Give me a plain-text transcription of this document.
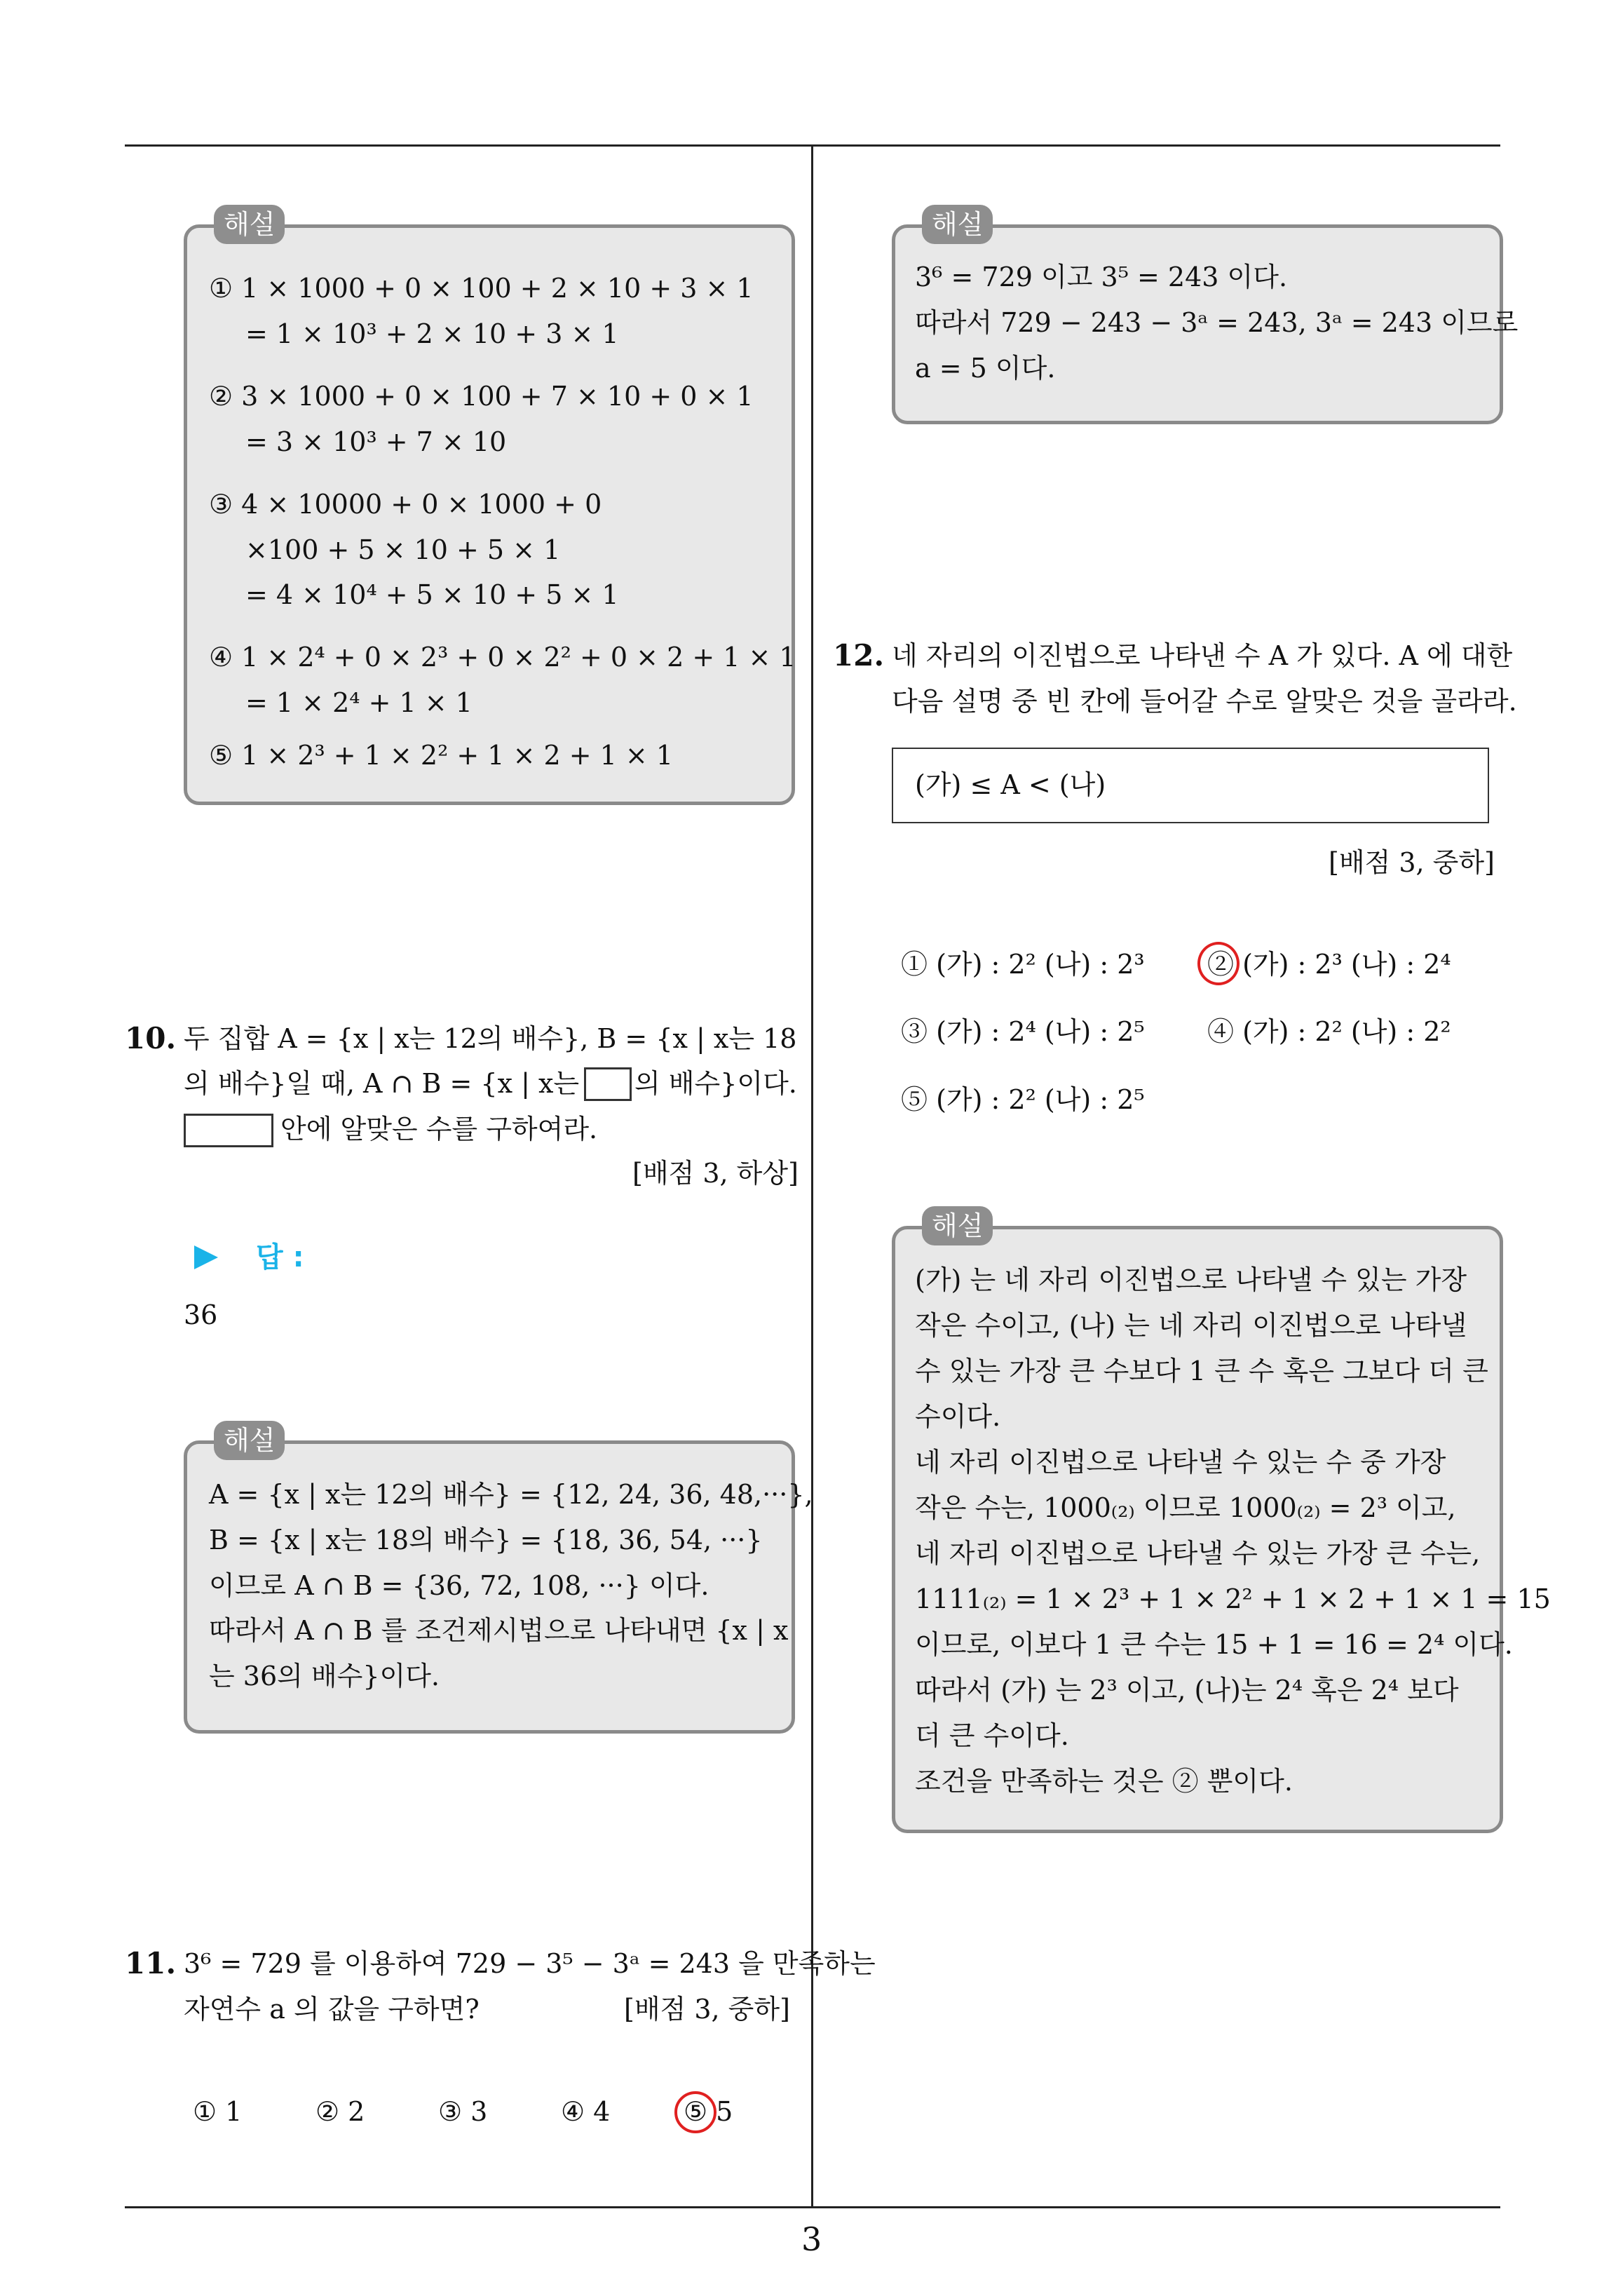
해설
① 1 × 1000 + 0 × 100 + 2 × 10 + 3 × 1
= 1 × 10³ + 2 × 10 + 3 × 1
② 3 × 1000 + 0 × 100 + 7 × 10 + 0 × 1
= 3 × 10³ + 7 × 10
③ 4 × 10000 + 0 × 1000 + 0
×100 + 5 × 10 + 5 × 1
= 4 × 10⁴ + 5 × 10 + 5 × 1
④ 1 × 2⁴ + 0 × 2³ + 0 × 2² + 0 × 2 + 1 × 1
= 1 × 2⁴ + 1 × 1
⑤ 1 × 2³ + 1 × 2² + 1 × 2 + 1 × 1
10. 두 집합 A = {x | x는 12의 배수}, B = {x | x는 18
의 배수}일 때, A ∩ B = {x | x는 의 배수}이다.
안에 알맞은 수를 구하여라.
[배점 3, 하상]
답 :
36
해설
A = {x | x는 12의 배수} = {12, 24, 36, 48,···},
B = {x | x는 18의 배수} = {18, 36, 54, ···}
이므로 A ∩ B = {36, 72, 108, ···} 이다.
따라서 A ∩ B 를 조건제시법으로 나타내면 {x | x
는 36의 배수}이다.
11. 3⁶ = 729 를 이용하여 729 − 3⁵ − 3ᵃ = 243 을 만족하는
자연수 a 의 값을 구하면?	[배점 3, 중하]
① 1	② 2	③ 3	④ 4	⑤ 5
해설
3⁶ = 729 이고 3⁵ = 243 이다.
따라서 729 − 243 − 3ᵃ = 243, 3ᵃ = 243 이므로
a = 5 이다.
12. 네 자리의 이진법으로 나타낸 수 A 가 있다. A 에 대한
다음 설명 중 빈 칸에 들어갈 수로 알맞은 것을 골라라.
(가) ≤ A < (나)
[배점 3, 중하]
① (가) : 2² (나) : 2³ ② (가) : 2³ (나) : 2⁴
③ (가) : 2⁴ (나) : 2⁵ ④ (가) : 2² (나) : 2²
⑤ (가) : 2² (나) : 2⁵
해설
(가) 는 네 자리 이진법으로 나타낼 수 있는 가장
작은 수이고, (나) 는 네 자리 이진법으로 나타낼
수 있는 가장 큰 수보다 1 큰 수 혹은 그보다 더 큰
수이다.
네 자리 이진법으로 나타낼 수 있는 수 중 가장
작은 수는, 1000₍₂₎ 이므로 1000₍₂₎ = 2³ 이고,
네 자리 이진법으로 나타낼 수 있는 가장 큰 수는,
1111₍₂₎ = 1 × 2³ + 1 × 2² + 1 × 2 + 1 × 1 = 15
이므로, 이보다 1 큰 수는 15 + 1 = 16 = 2⁴ 이다.
따라서 (가) 는 2³ 이고, (나)는 2⁴ 혹은 2⁴ 보다
더 큰 수이다.
조건을 만족하는 것은 ② 뿐이다.
3
